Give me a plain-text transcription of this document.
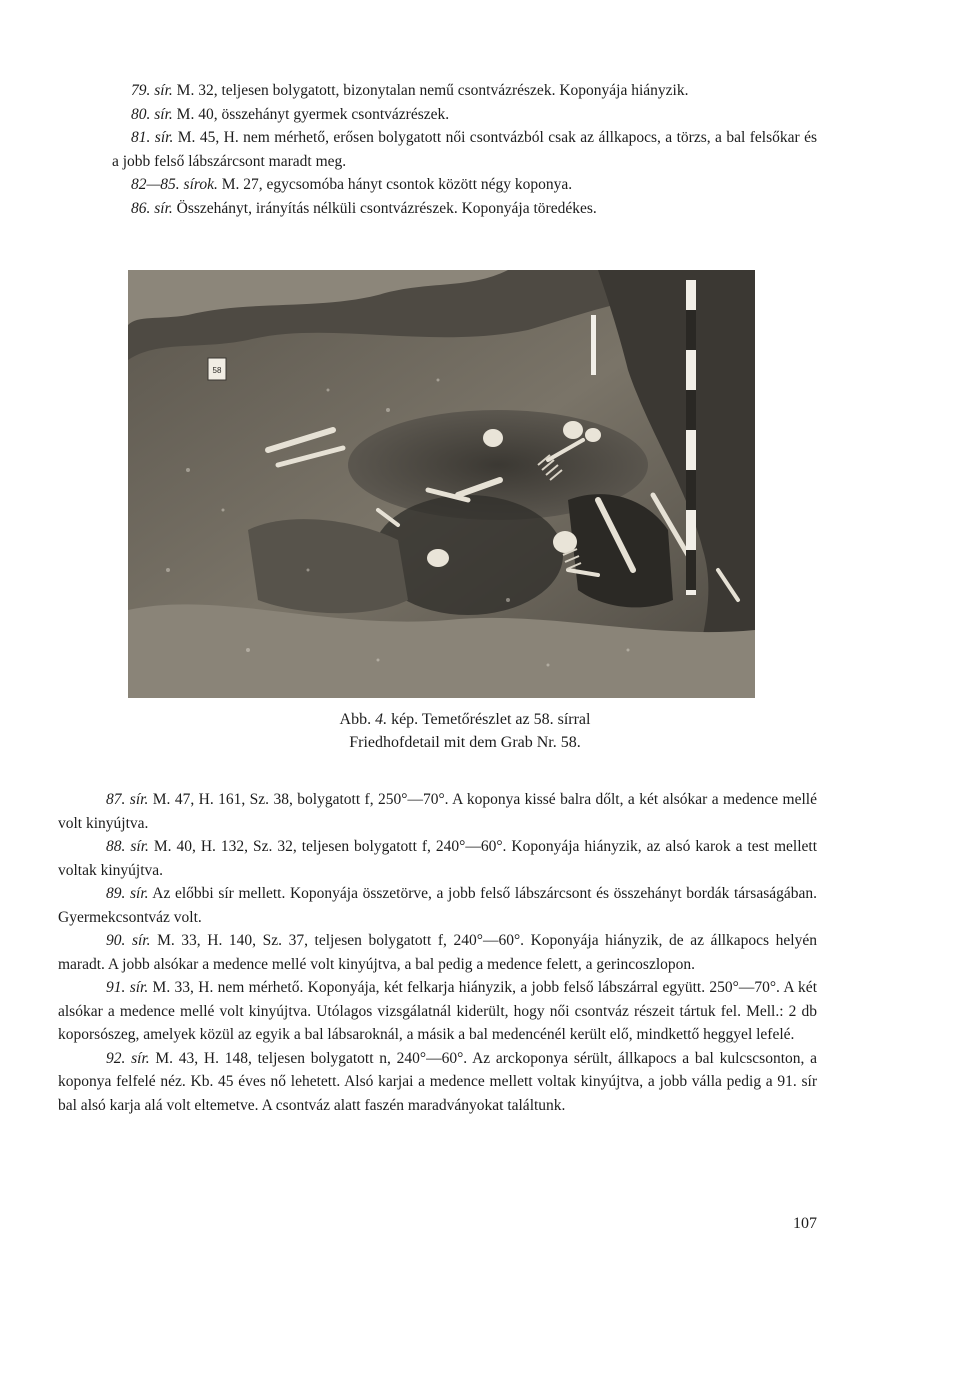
79. sír. M. 32, teljesen bolygatott, bizonytalan nemű csontvázrészek. Koponyája hiányzik.

80. sír. M. 40, összehányt gyermek csontvázrészek.

81. sír. M. 45, H. nem mérhető, erősen bolygatott női csontvázból csak az állkapocs, a törzs, a bal felsőkar és a jobb felső lábszárcsont maradt meg.

82—85. sírok. M. 27, egycsomóba hányt csontok között négy koponya.

86. sír. Összehányt, irányítás nélküli csontvázrészek. Koponyája töredékes.

58
Abb. 4. kép. Temetőrészlet az 58. sírral
Friedhofdetail mit dem Grab Nr. 58.

87. sír. M. 47, H. 161, Sz. 38, bolygatott f, 250°—70°. A koponya kissé balra dőlt, a két alsókar a medence mellé volt kinyújtva.

88. sír. M. 40, H. 132, Sz. 32, teljesen bolygatott f, 240°—60°. Koponyája hiányzik, az alsó karok a test mellett voltak kinyújtva.

89. sír. Az előbbi sír mellett. Koponyája összetörve, a jobb felső lábszárcsont és összehányt bordák társaságában. Gyermekcsontváz volt.

90. sír. M. 33, H. 140, Sz. 37, teljesen bolygatott f, 240°—60°. Koponyája hiányzik, de az állkapocs helyén maradt. A jobb alsókar a medence mellé volt kinyújtva, a bal pedig a medence felett, a gerincoszlopon.

91. sír. M. 33, H. nem mérhető. Koponyája, két felkarja hiányzik, a jobb felső lábszárral együtt. 250°—70°. A két alsókar a medence mellé volt kinyújtva. Utólagos vizsgálatnál kiderült, hogy női csontváz részeit tártuk fel. Mell.: 2 db koporsószeg, amelyek közül az egyik a bal lábsaroknál, a másik a bal medencénél került elő, mindkettő heggyel lefelé.

92. sír. M. 43, H. 148, teljesen bolygatott n, 240°—60°. Az arckoponya sérült, állkapocs a bal kulcscsonton, a koponya felfelé néz. Kb. 45 éves nő lehetett. Alsó karjai a medence mellett voltak kinyújtva, a jobb válla pedig a 91. sír bal alsó karja alá volt eltemetve. A csontváz alatt faszén maradványokat találtunk.

107
